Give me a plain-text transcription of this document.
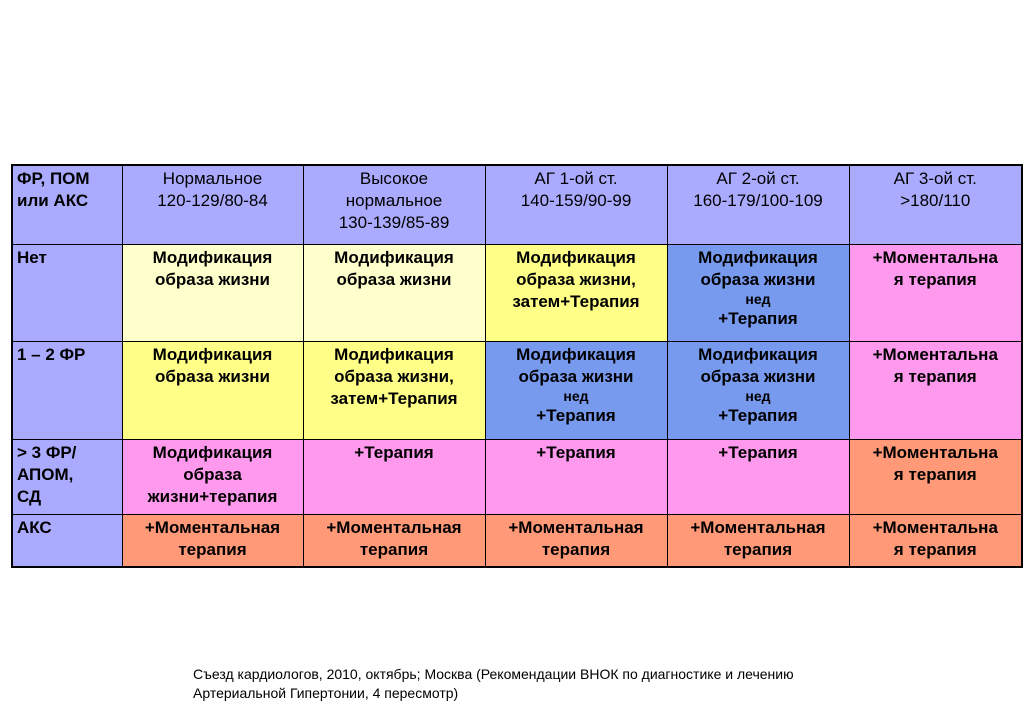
ФР, ПОМ
или АКС	Нормальное
120-129/80-84	Высокое
нормальное
130-139/85-89	АГ 1-ой ст.
140-159/90-99	АГ 2-ой ст.
160-179/100-109	АГ 3-ой ст.
>180/110

Нет	Модификация
образа жизни	Модификация
образа жизни	Модификация
образа жизни,
затем+Терапия	Модификация
образа жизни
нед
+Терапия	+Моментальна
я терапия

1 – 2 ФР	Модификация
образа жизни	Модификация
образа жизни,
затем+Терапия	Модификация
образа жизни
нед
+Терапия	Модификация
образа жизни
нед
+Терапия	+Моментальна
я терапия

> 3 ФР/
АПОМ,
СД	Модификация
образа
жизни+терапия	+Терапия	+Терапия	+Терапия	+Моментальна
я терапия

АКС	+Моментальная
терапия	+Моментальная
терапия	+Моментальная
терапия	+Моментальная
терапия	+Моментальна
я терапия
Съезд кардиологов, 2010, октябрь; Москва (Рекомендации ВНОК по диагностике и лечению
Артериальной Гипертонии, 4 пересмотр)
